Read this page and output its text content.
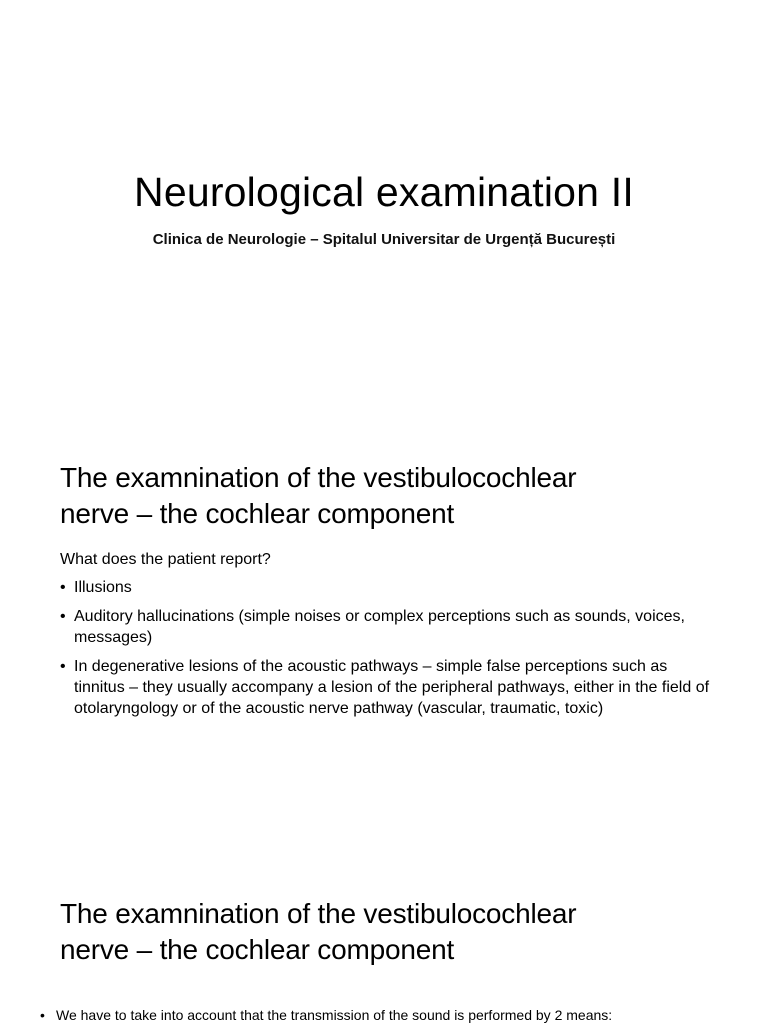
Neurological examination II
Clinica de Neurologie – Spitalul Universitar de Urgență București
The examnination of the vestibulocochlear
nerve – the cochlear component
What does the patient report?
• Illusions
• Auditory hallucinations (simple noises or complex perceptions such as sounds, voices, messages)
• In degenerative lesions of the acoustic pathways – simple false perceptions such as tinnitus – they usually accompany a lesion of the peripheral pathways, either in the field of otolaryngology or of the acoustic nerve pathway (vascular, traumatic, toxic)
The examnination of the vestibulocochlear
nerve – the cochlear component
• We have to take into account that the transmission of the sound is performed by 2 means:
